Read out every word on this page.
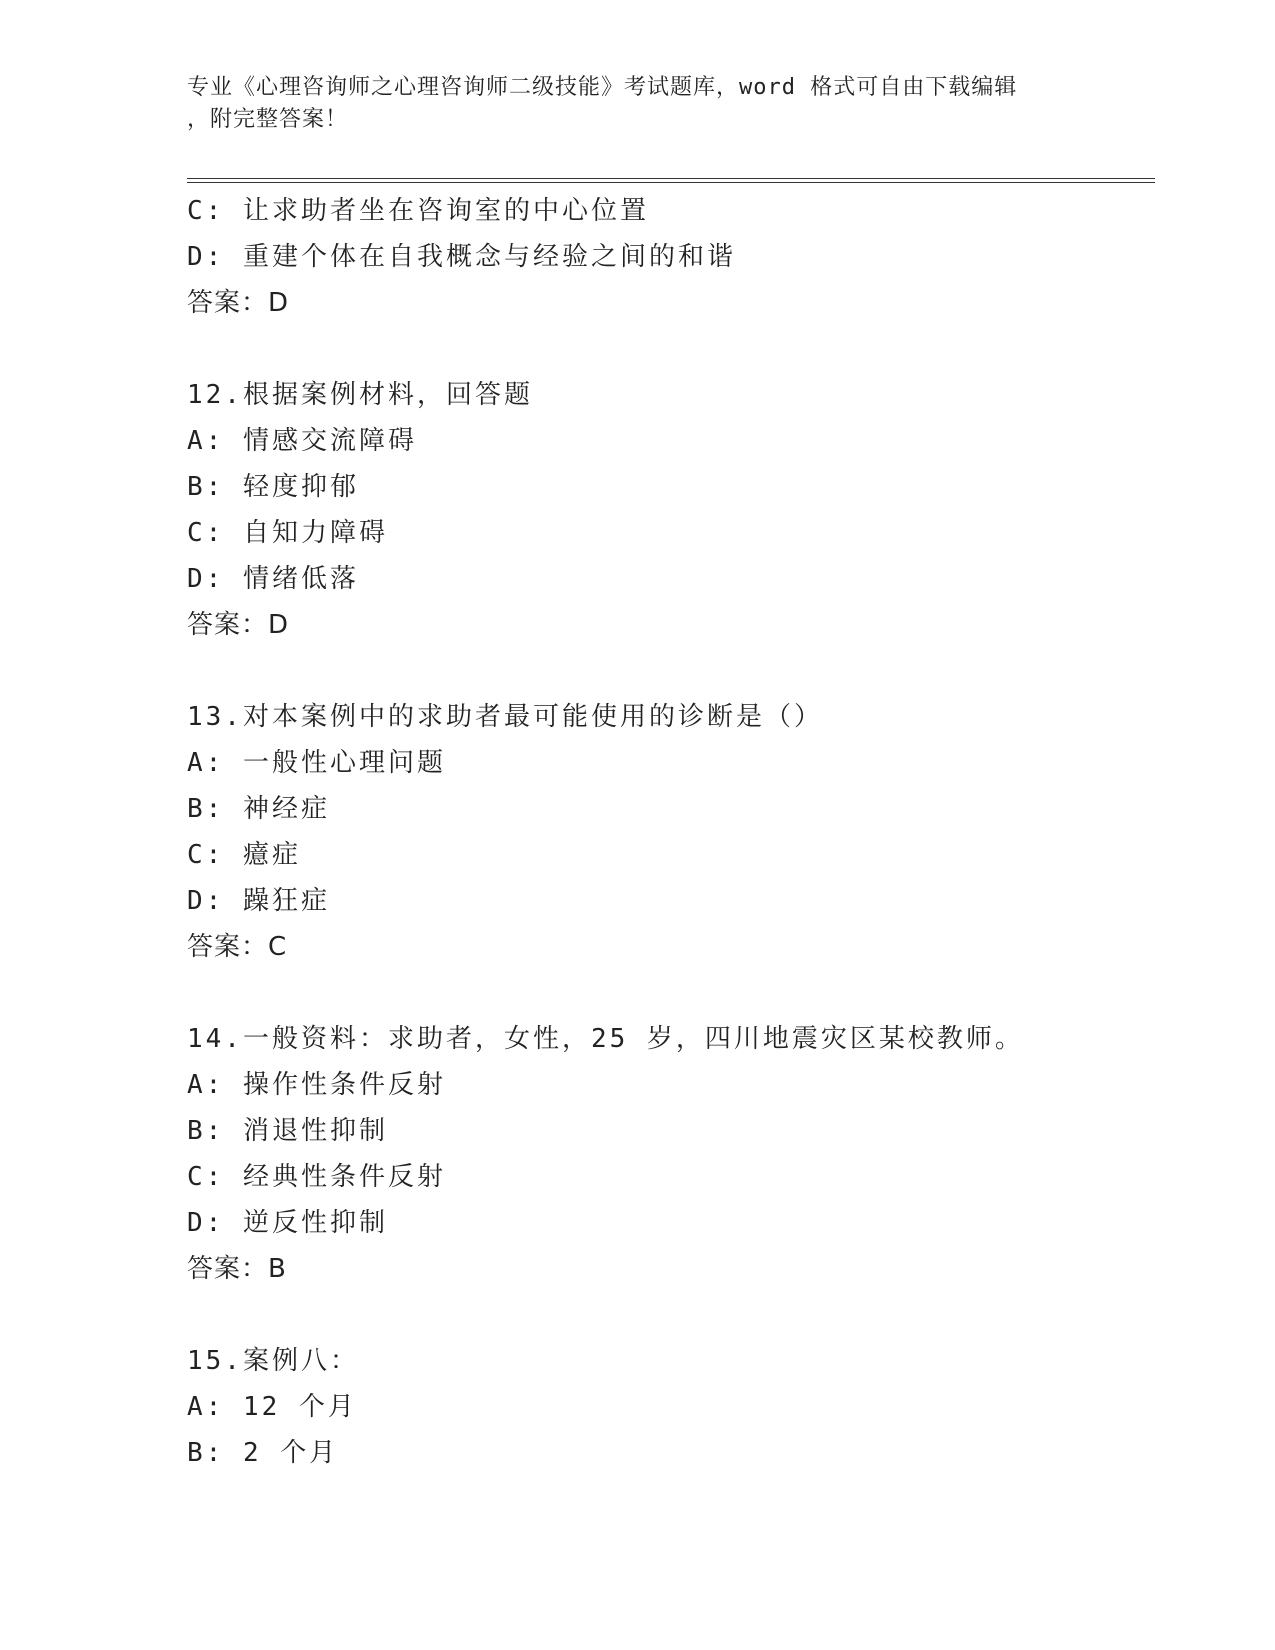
专业《心理咨询师之心理咨询师二级技能》考试题库，word 格式可自由下载编辑
，附完整答案！
C: 让求助者坐在咨询室的中心位置
D: 重建个体在自我概念与经验之间的和谐
答案：D
12.根据案例材料，回答题
A: 情感交流障碍
B: 轻度抑郁
C: 自知力障碍
D: 情绪低落
答案：D
13.对本案例中的求助者最可能使用的诊断是（）
A: 一般性心理问题
B: 神经症
C: 癔症
D: 躁狂症
答案：C
14.一般资料：求助者，女性，25 岁，四川地震灾区某校教师。
A: 操作性条件反射
B: 消退性抑制
C: 经典性条件反射
D: 逆反性抑制
答案：B
15.案例八：
A: 12 个月
B: 2 个月
